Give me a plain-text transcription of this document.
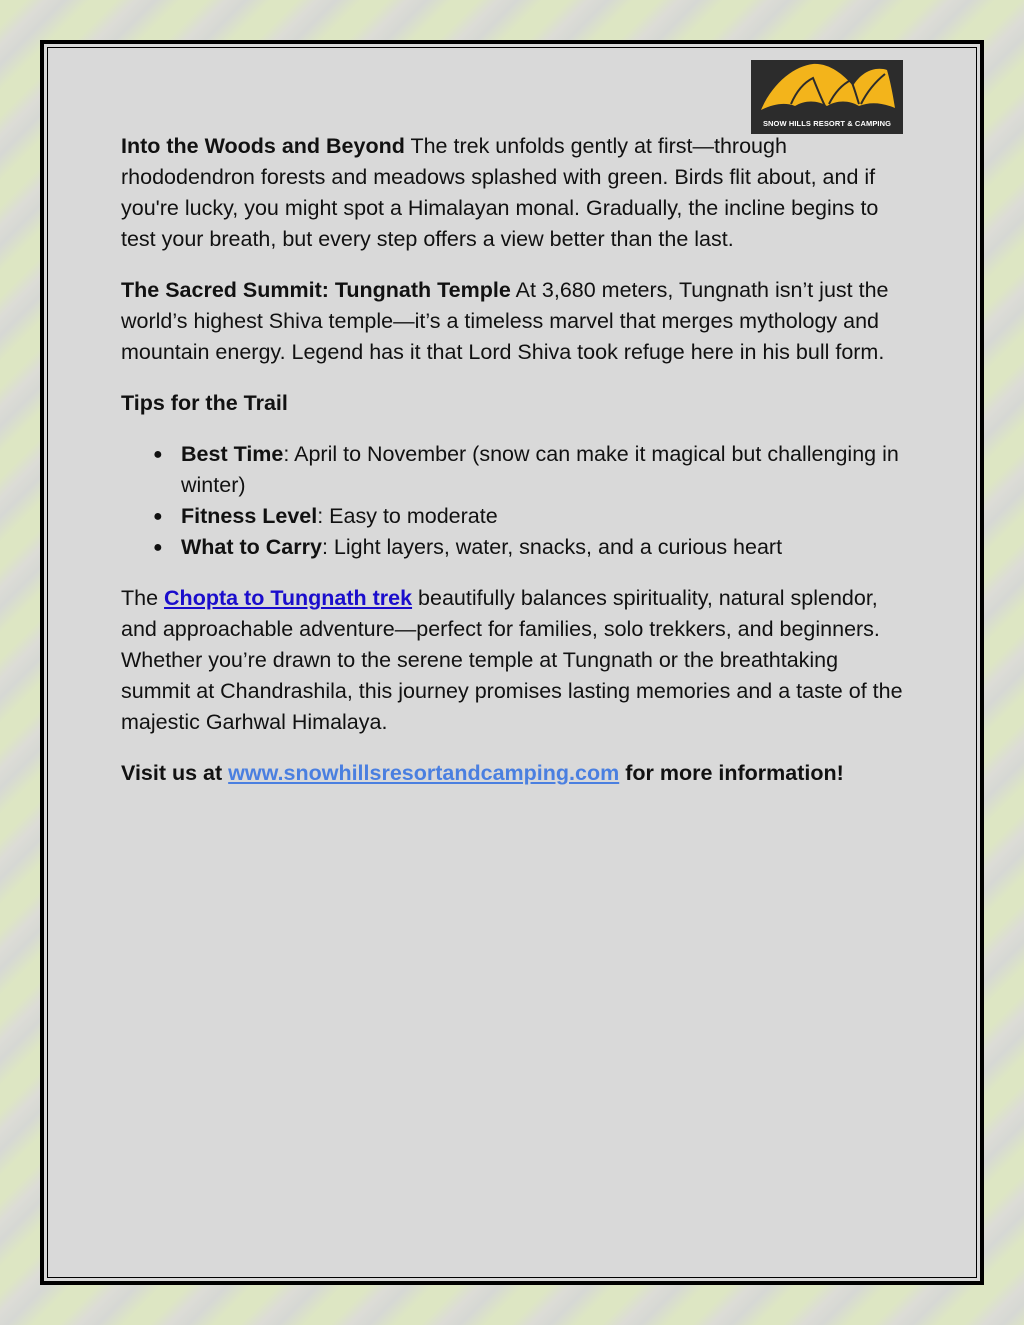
SNOW HILLS RESORT & CAMPING

Into the Woods and Beyond The trek unfolds gently at first—through rhododendron forests and meadows splashed with green. Birds flit about, and if you're lucky, you might spot a Himalayan monal. Gradually, the incline begins to test your breath, but every step offers a view better than the last.

The Sacred Summit: Tungnath Temple At 3,680 meters, Tungnath isn’t just the world’s highest Shiva temple—it’s a timeless marvel that merges mythology and mountain energy. Legend has it that Lord Shiva took refuge here in his bull form.

Tips for the Trail
● Best Time: April to November (snow can make it magical but challenging in winter)
● Fitness Level: Easy to moderate
● What to Carry: Light layers, water, snacks, and a curious heart

The Chopta to Tungnath trek beautifully balances spirituality, natural splendor, and approachable adventure—perfect for families, solo trekkers, and beginners. Whether you’re drawn to the serene temple at Tungnath or the breathtaking summit at Chandrashila, this journey promises lasting memories and a taste of the majestic Garhwal Himalaya.

Visit us at www.snowhillsresortandcamping.com for more information!
